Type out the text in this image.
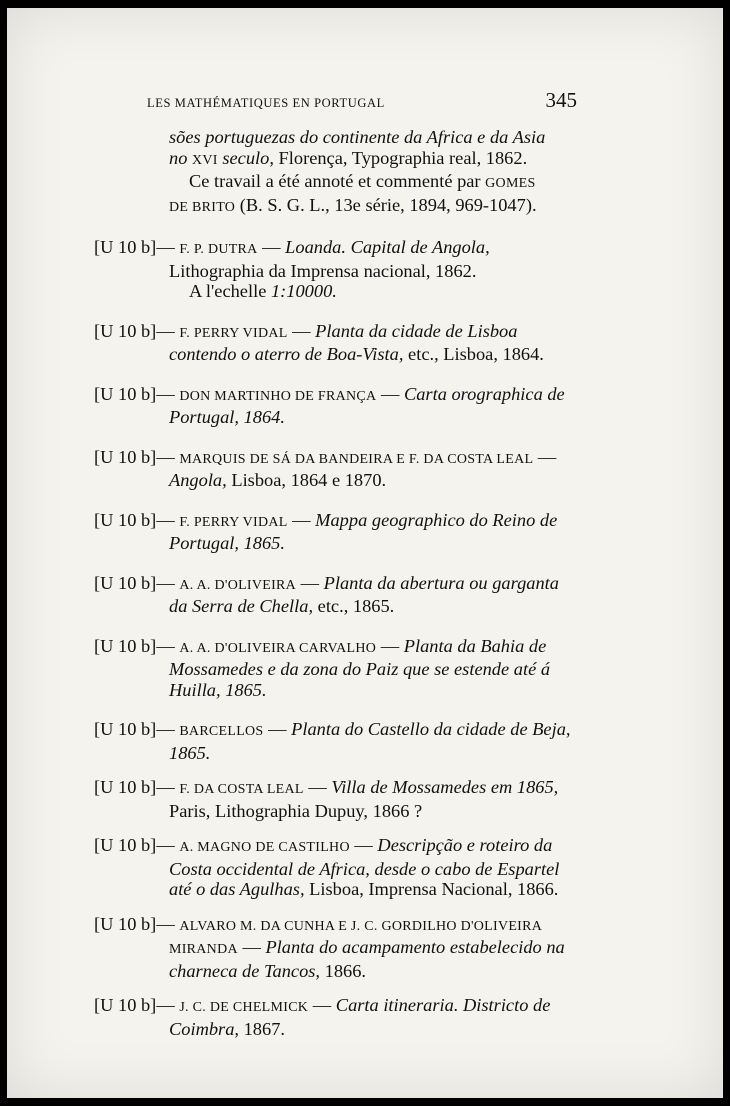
LES MATHÉMATIQUES EN PORTUGAL	345

sões portuguezas do continente da Africa e da Asia
no XVI seculo, Florença, Typographia real, 1862.

Ce travail a été annoté et commenté par GOMES
DE BRITO (B. S. G. L., 13e série, 1894, 969-1047).

[U 10 b]— F. P. DUTRA — Loanda. Capital de Angola, Lithographia da Imprensa nacional, 1862.

A l'echelle 1:10000.

[U 10 b]— F. PERRY VIDAL — Planta da cidade de Lisboa contendo o aterro de Boa-Vista, etc., Lisboa, 1864.

[U 10 b]— DON MARTINHO DE FRANÇA — Carta orographica de Portugal, 1864.

[U 10 b]— MARQUIS DE SÁ DA BANDEIRA E F. DA COSTA LEAL — Angola, Lisboa, 1864 e 1870.

[U 10 b]— F. PERRY VIDAL — Mappa geographico do Reino de Portugal, 1865.

[U 10 b]— A. A. D'OLIVEIRA — Planta da abertura ou garganta da Serra de Chella, etc., 1865.

[U 10 b]— A. A. D'OLIVEIRA CARVALHO — Planta da Bahia de Mossamedes e da zona do Paiz que se estende até á Huilla, 1865.

[U 10 b]— BARCELLOS — Planta do Castello da cidade de Beja, 1865.

[U 10 b]— F. DA COSTA LEAL — Villa de Mossamedes em 1865, Paris, Lithographia Dupuy, 1866 ?

[U 10 b]— A. MAGNO DE CASTILHO — Descripção e roteiro da Costa occidental de Africa, desde o cabo de Espartel até o das Agulhas, Lisboa, Imprensa Nacional, 1866.

[U 10 b]— ALVARO M. DA CUNHA E J. C. GORDILHO D'OLIVEIRA MIRANDA — Planta do acampamento estabelecido na charneca de Tancos, 1866.

[U 10 b]— J. C. DE CHELMICK — Carta itineraria. Districto de Coimbra, 1867.
